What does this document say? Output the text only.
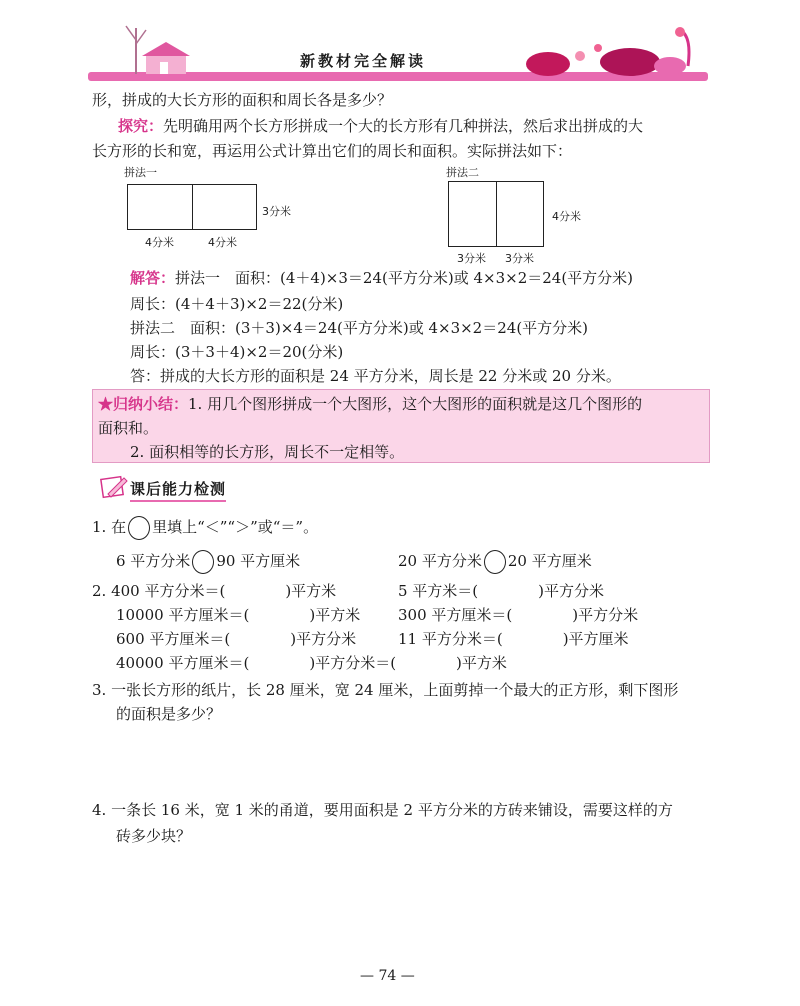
新教材完全解读
形，拼成的大长方形的面积和周长各是多少？
探究：先明确用两个长方形拼成一个大的长方形有几种拼法，然后求出拼成的大
长方形的长和宽，再运用公式计算出它们的周长和面积。实际拼法如下：
拼法一
4分米	4分米
3分米
拼法二
3分米 3分米
4分米
解答：拼法一　面积：(4＋4)×3＝24(平方分米)或 4×3×2＝24(平方分米)
周长：(4＋4＋3)×2＝22(分米)
拼法二　面积：(3＋3)×4＝24(平方分米)或 4×3×2＝24(平方分米)
周长：(3＋3＋4)×2＝20(分米)
答：拼成的大长方形的面积是 24 平方分米，周长是 22 分米或 20 分米。
★归纳小结：1. 用几个图形拼成一个大图形，这个大图形的面积就是这几个图形的
面积和。
2. 面积相等的长方形，周长不一定相等。
课后能力检测
1. 在 里填上“＜”“＞”或“＝”。
6 平方分米 90 平方厘米	20 平方分米 20 平方厘米
2. 400 平方分米＝(　　　　)平方米	5 平方米＝(　　　　)平方分米
10000 平方厘米＝(　　　　)平方米	300 平方厘米＝(　　　　)平方分米
600 平方厘米＝(　　　　)平方分米	11 平方分米＝(　　　　)平方厘米
40000 平方厘米＝(　　　　)平方分米＝(　　　　)平方米
3. 一张长方形的纸片，长 28 厘米，宽 24 厘米，上面剪掉一个最大的正方形，剩下图形
的面积是多少？
4. 一条长 16 米，宽 1 米的甬道，要用面积是 2 平方分米的方砖来铺设，需要这样的方
砖多少块？
— 74 —
